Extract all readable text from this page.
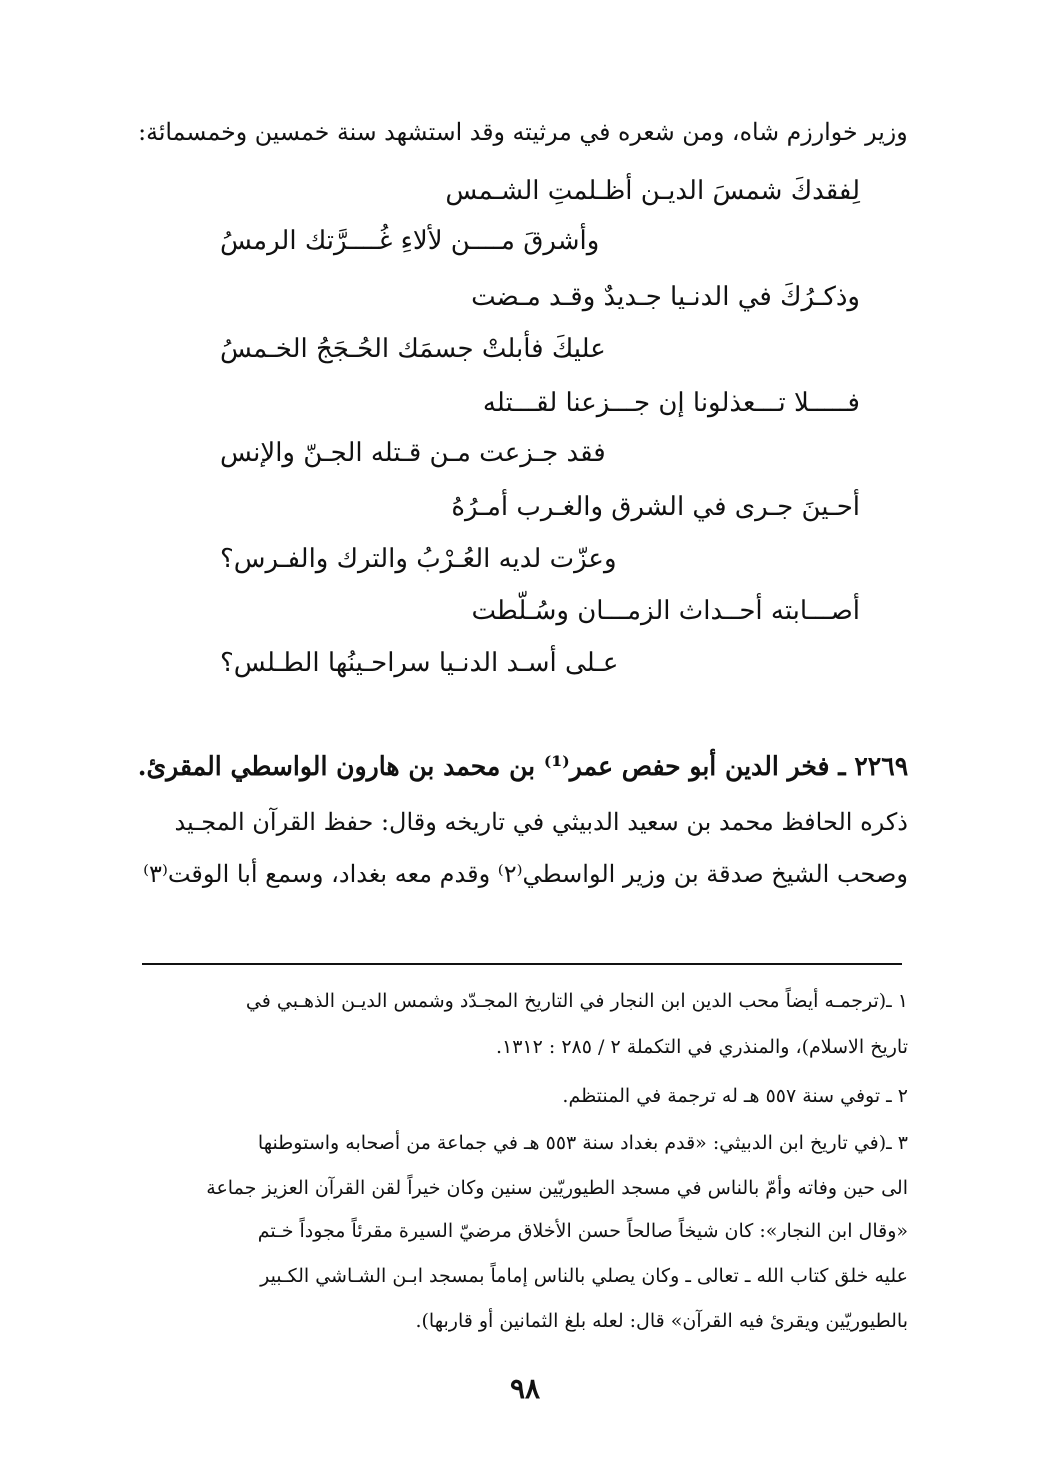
وزير خوارزم شاه، ومن شعره في مرثيته وقد استشهد سنة خمسين وخمسمائة:
لِفقدكَ شمسَ الديـن أظـلمتِ الشـمس
وأشرقَ مــــن لألاءِ غُــــرَّتك الرمسُ
وذكـرُكَ في الدنـيا جـديدٌ وقـد مـضت
عليكَ فأبلتْ جسمَك الحُـجَجُ الخـمسُ
فـــــلا تـــعذلونا إن جـــزعنا لقـــتله
فقد جـزعت مـن قـتله الجـنّ والإنس
أحـينَ جـرى في الشرق والغـرب أمـرُهُ
وعزّت لديه العُـرْبُ والترك والفـرس؟
أصـــابته أحــداث الزمـــان وسُـلّطت
عـلى أسـد الدنـيا سراحـينُها الطـلس؟
٢٢٦٩ ـ فخر الدين أبو حفص عمر⁽¹⁾ بن محمد بن هارون الواسطي المقرئ.
ذكره الحافظ محمد بن سعيد الدبيثي في تاريخه وقال: حفظ القرآن المجـيد
وصحب الشيخ صدقة بن وزير الواسطي⁽٢⁾ وقدم معه بغداد، وسمع أبا الوقت⁽٣⁾
١ ـ(ترجمـه أيضاً محب الدين ابن النجار في التاريخ المجـدّد وشمس الديـن الذهـبي في
تاريخ الاسلام)، والمنذري في التكملة ٢ / ٢٨٥ : ١٣١٢.
٢ ـ توفي سنة ٥٥٧ هـ له ترجمة في المنتظم.
٣ ـ(في تاريخ ابن الدبيثي: «قدم بغداد سنة ٥٥٣ هـ في جماعة من أصحابه واستوطنها
الى حين وفاته وأمّ بالناس في مسجد الطيوريّين سنين وكان خيراً لقن القرآن العزيز جماعة
«وقال ابن النجار»: كان شيخاً صالحاً حسن الأخلاق مرضيّ السيرة مقرئاً مجوداً خـتم
عليه خلق كتاب الله ـ تعالى ـ وكان يصلي بالناس إماماً بمسجد ابـن الشـاشي الكـبير
بالطيوريّين ويقرئ فيه القرآن» قال: لعله بلغ الثمانين أو قاربها).
٩٨
